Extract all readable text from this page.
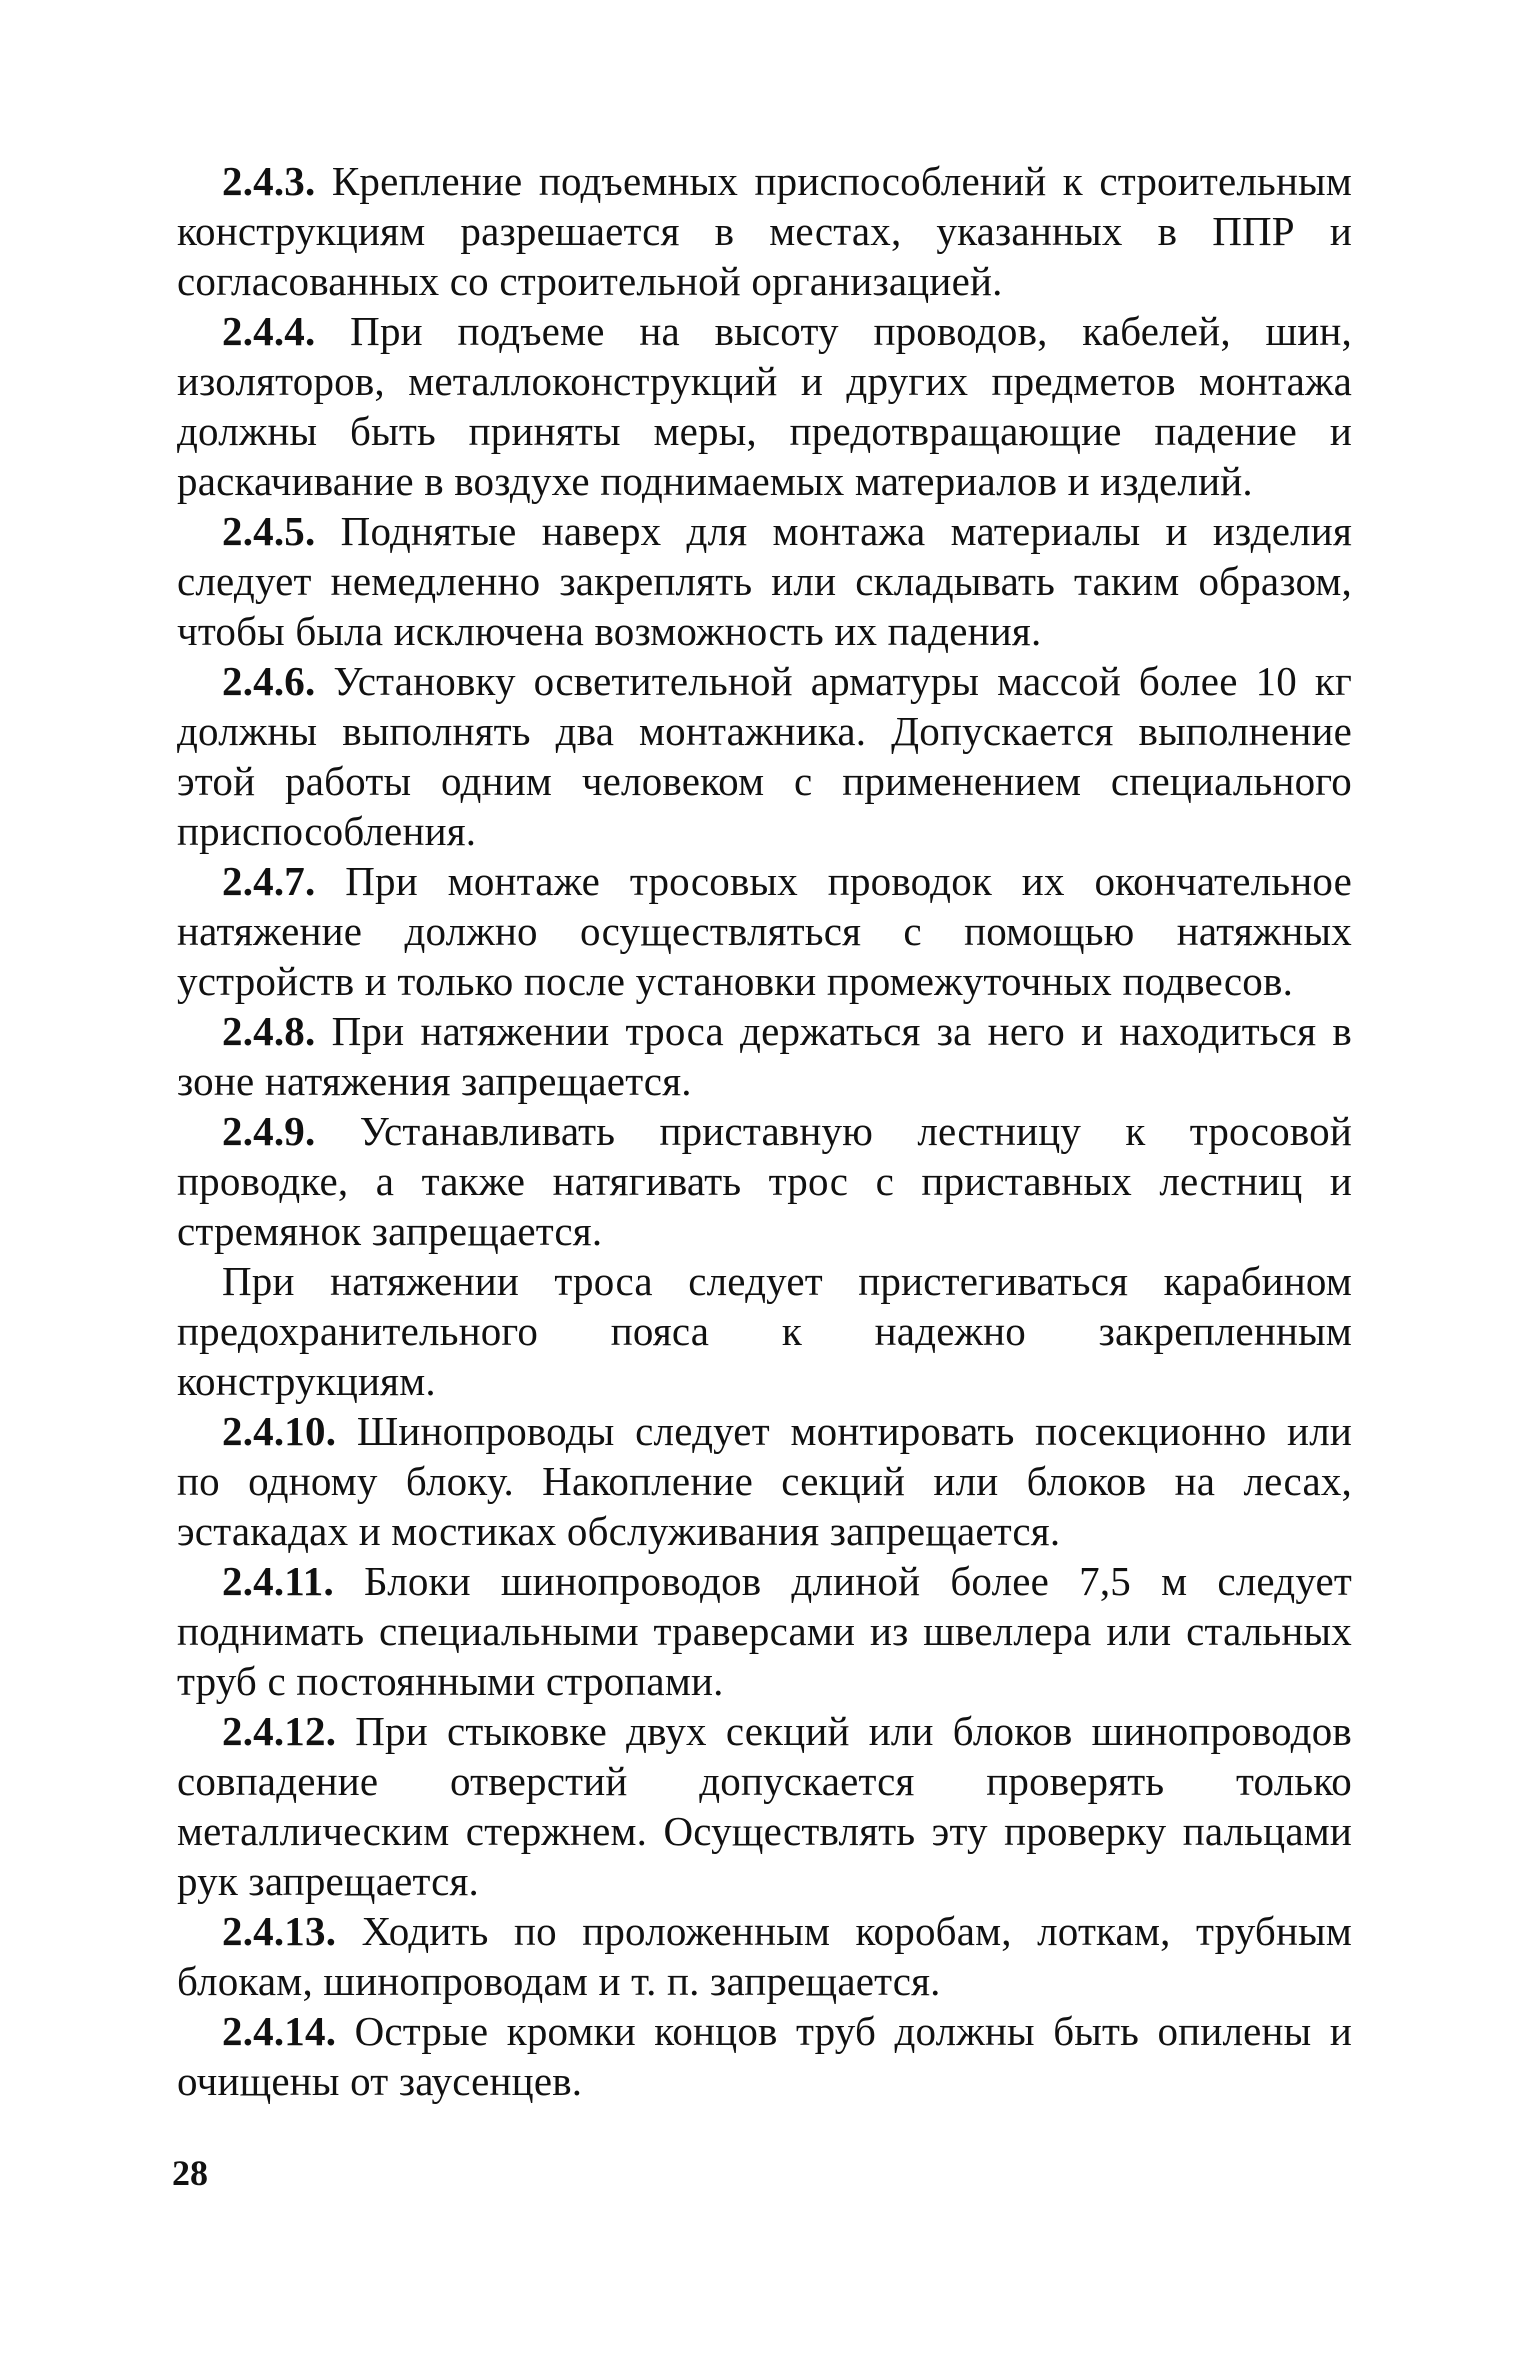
2.4.3. Крепление подъемных приспособлений к строительным конструкциям разрешается в местах, указанных в ППР и согласованных со строительной организацией.

2.4.4. При подъеме на высоту проводов, кабелей, шин, изоляторов, металлоконструкций и других предметов монтажа должны быть приняты меры, предотвращающие падение и раскачивание в воздухе поднимаемых материалов и изделий.

2.4.5. Поднятые наверх для монтажа материалы и изделия следует немедленно закреплять или складывать таким образом, чтобы была исключена возможность их падения.

2.4.6. Установку осветительной арматуры массой более 10 кг должны выполнять два монтажника. Допускается выполнение этой работы одним человеком с применением специального приспособления.

2.4.7. При монтаже тросовых проводок их окончательное натяжение должно осуществляться с помощью натяжных устройств и только после установки промежуточных подвесов.

2.4.8. При натяжении троса держаться за него и находиться в зоне натяжения запрещается.

2.4.9. Устанавливать приставную лестницу к тросовой проводке, а также натягивать трос с приставных лестниц и стремянок запрещается.

При натяжении троса следует пристегиваться карабином предохранительного пояса к надежно закрепленным конструкциям.

2.4.10. Шинопроводы следует монтировать посекционно или по одному блоку. Накопление секций или блоков на лесах, эстакадах и мостиках обслуживания запрещается.

2.4.11. Блоки шинопроводов длиной более 7,5 м следует поднимать специальными траверсами из швеллера или стальных труб с постоянными стропами.

2.4.12. При стыковке двух секций или блоков шинопроводов совпадение отверстий допускается проверять только металлическим стержнем. Осуществлять эту проверку пальцами рук запрещается.

2.4.13. Ходить по проложенным коробам, лоткам, трубным блокам, шинопроводам и т. п. запрещается.

2.4.14. Острые кромки концов труб должны быть опилены и очищены от заусенцев.

28
